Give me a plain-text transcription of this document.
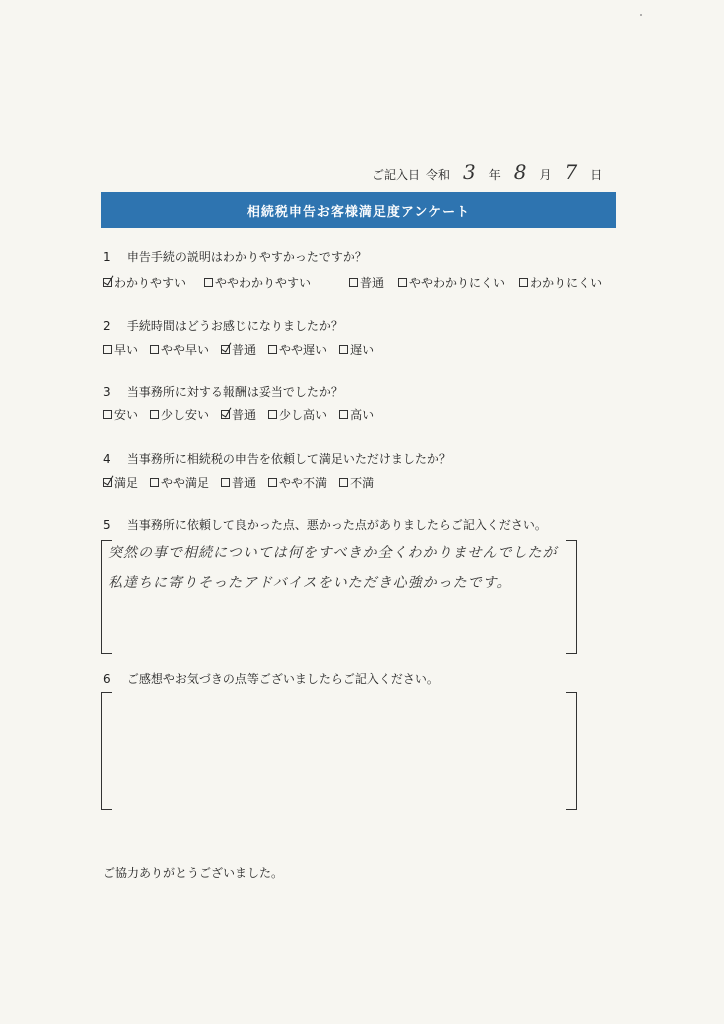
ご記入日 令和 3	年 8	月 7	日
相続税申告お客様満足度アンケート
1 申告手続の説明はわかりやすかったですか？
わかりやすい ややわかりやすい	普通 ややわかりにくい わかりにくい
2 手続時間はどうお感じになりましたか？
早い やや早い 普通 やや遅い 遅い
3 当事務所に対する報酬は妥当でしたか？
安い 少し安い 普通 少し高い 高い
4 当事務所に相続税の申告を依頼して満足いただけましたか？
満足 やや満足 普通 やや不満 不満
5 当事務所に依頼して良かった点、悪かった点がありましたらご記入ください。
突然の事で相続については何をすべきか全くわかりませんでしたが
私達ちに寄りそったアドバイスをいただき心強かったです。
6 ご感想やお気づきの点等ございましたらご記入ください。
ご協力ありがとうございました。
